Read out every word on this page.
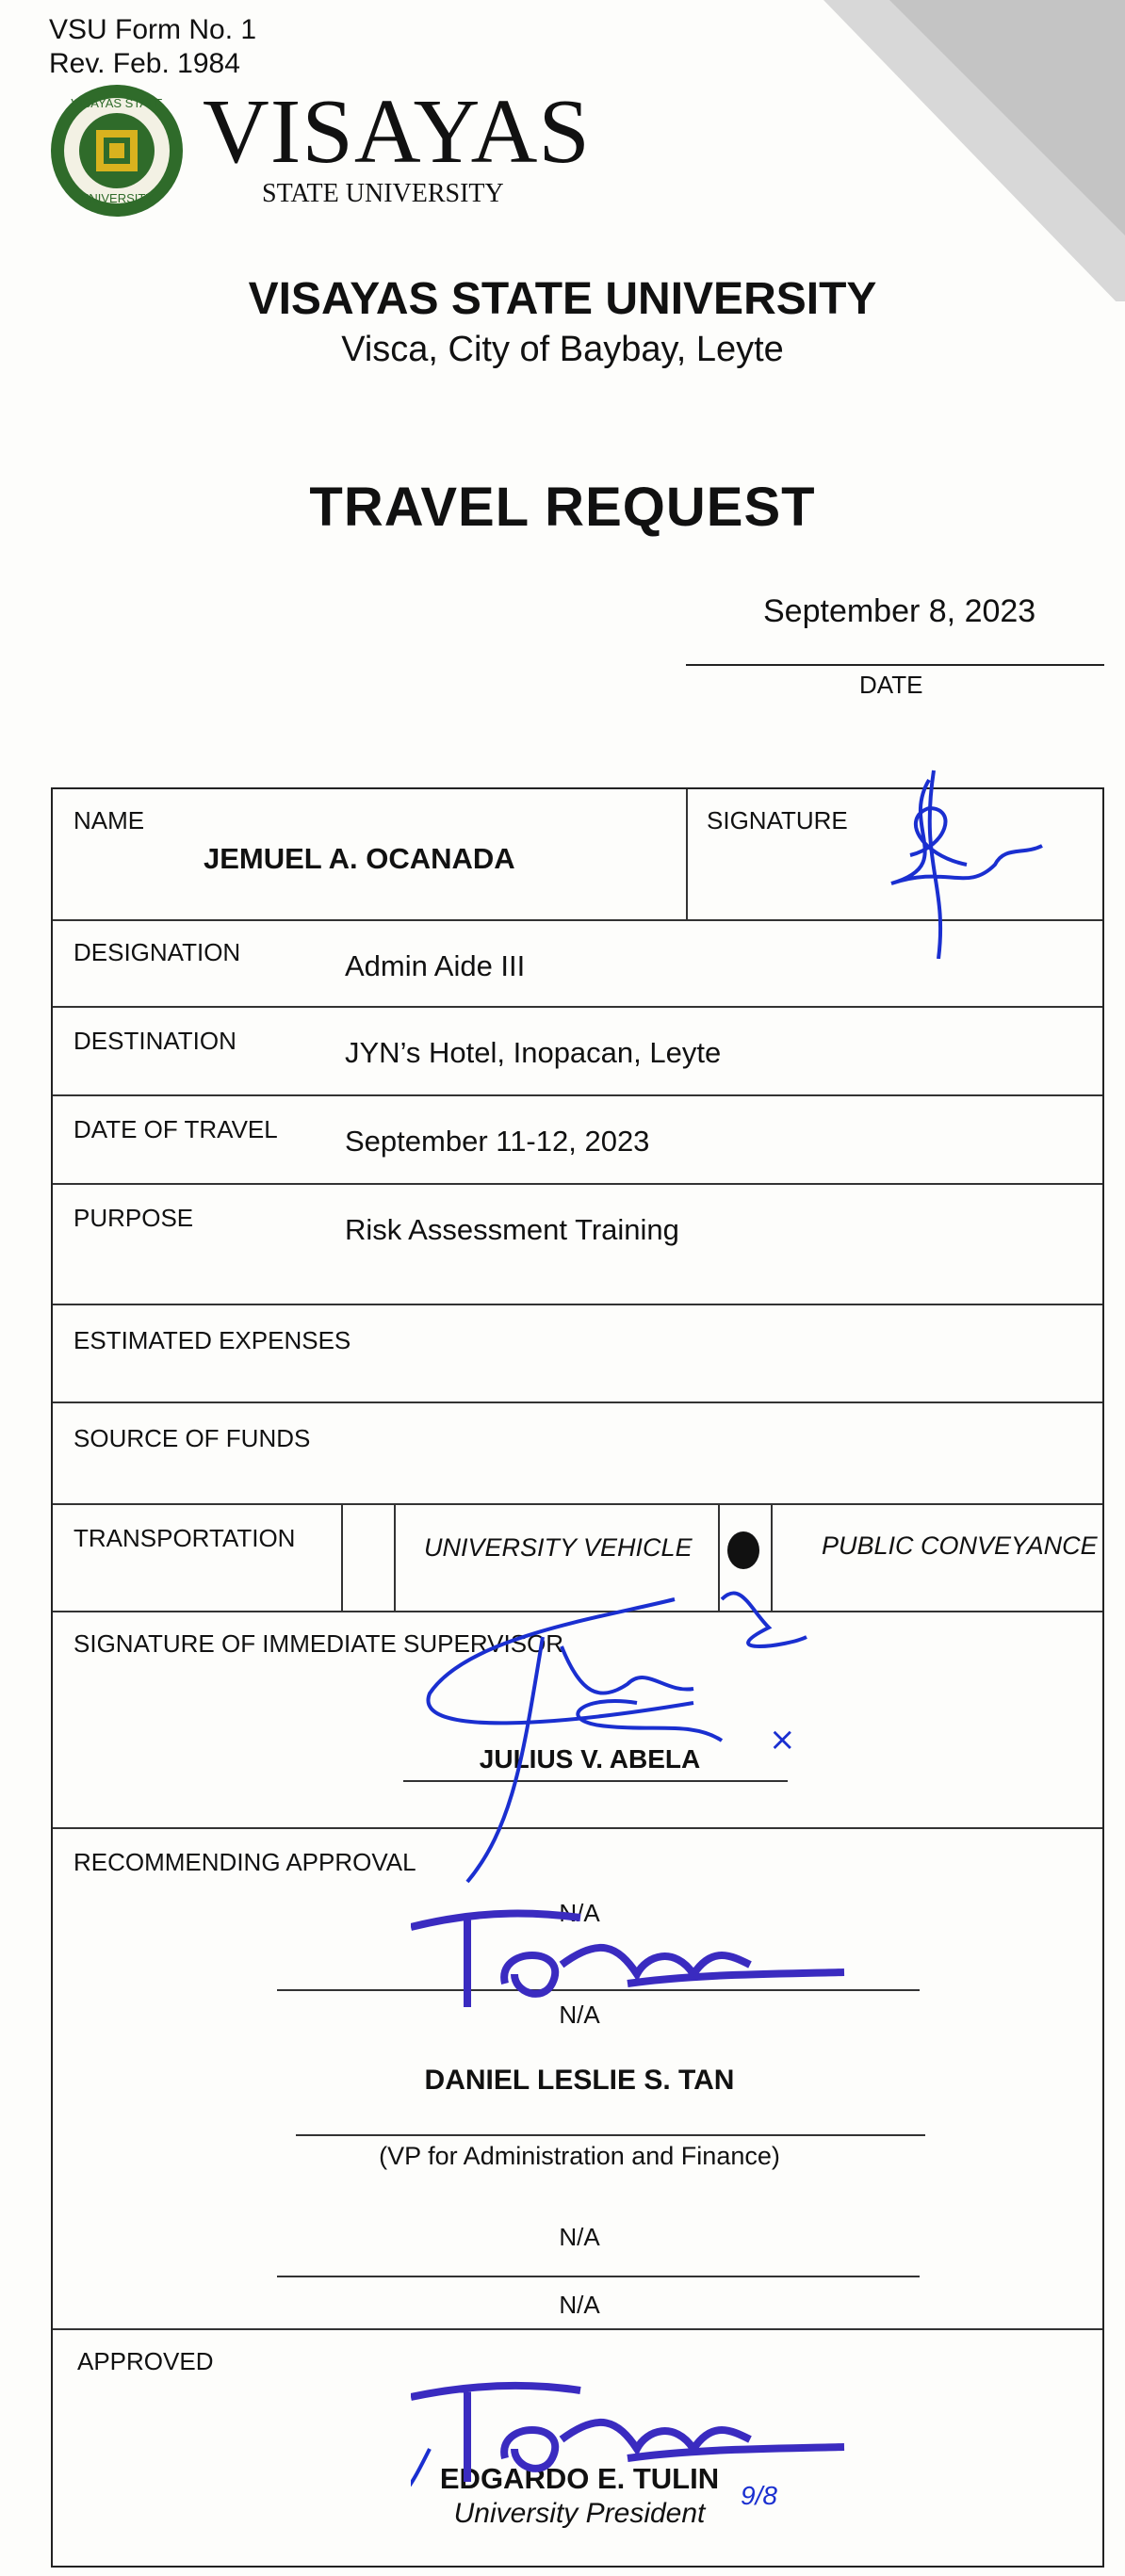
VSU Form No. 1
Rev. Feb. 1984
VISAYAS STATE
UNIVERSITY
VISAYAS
STATE UNIVERSITY
VISAYAS STATE UNIVERSITY
Visca, City of Baybay, Leyte
TRAVEL REQUEST
September 8, 2023
DATE
NAME
JEMUEL A. OCANADA
SIGNATURE
DESIGNATION	Admin Aide III
DESTINATION	JYN’s Hotel, Inopacan, Leyte
DATE OF TRAVEL September 11-12, 2023
PURPOSE	Risk Assessment Training
ESTIMATED EXPENSES
SOURCE OF FUNDS
TRANSPORTATION	UNIVERSITY VEHICLE	PUBLIC CONVEYANCE
SIGNATURE OF IMMEDIATE SUPERVISOR
JULIUS V. ABELA
×
RECOMMENDING APPROVAL
N/A
N/A
DANIEL LESLIE S. TAN
(VP for Administration and Finance)
N/A
N/A
APPROVED
EDGARDO E. TULIN
University President
9/8
